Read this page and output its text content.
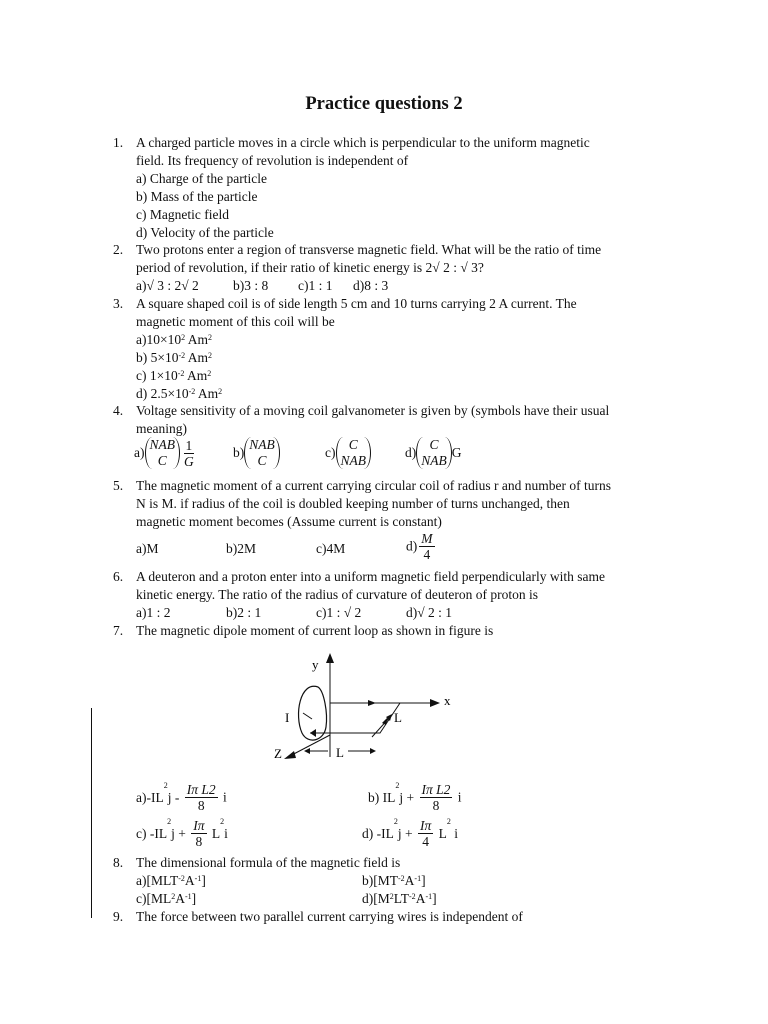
Practice questions 2
1. A charged particle moves in a circle which is perpendicular to the uniform magnetic
field. Its frequency of revolution is independent of
a) Charge of the particle
b) Mass of the particle
c) Magnetic field
d) Velocity of the particle
2. Two protons enter a region of transverse magnetic field. What will be the ratio of time
period of revolution, if their ratio of kinetic energy is 2√ 2 : √ 3?
a)√ 3 : 2√ 2	b)3 : 8 c)1 : 1 d)8 : 3
3. A square shaped coil is of side length 5 cm and 10 turns carrying 2 A current. The
magnetic moment of this coil will be
$a)10\times 10^2$ Am$^2$
b) $5\times 10^{-2}$ Am$^2$
c) $1\times 10^{-2}$ Am$^2$
d) $2.5\times 10^{-2}$ Am$^2$
4. Voltage sensitivity of a moving coil galvanometer is given by (symbols have their usual
meaning)
a)
NAB
C $\frac{1}{G}$	b)
NAB
C
c)
C
NAB
d)
C
NAB
G
5. The magnetic moment of a current carrying circular coil of radius r and number of turns
N is M. if radius of the coil is doubled keeping number of turns unchanged, then
magnetic moment becomes (Assume current is constant)
a)M	b)2M	c)4M	$d) \frac{M}{4}$
6. A deuteron and a proton enter into a uniform magnetic field perpendicularly with same
kinetic energy. The ratio of the radius of curvature of deuteron of proton is
a)1 : 2	b)2 : 1	c)1 : √ 2	d)√ 2 : 1
7. The magnetic dipole moment of current loop as shown in figure is
y
x
Z
I	L
L
$a)-IL^2j - \frac{\text{Iπ L2}}{8}$ i	b) $IL^2j + \frac{\text{Iπ L2}}{8}$ i
c) $-IL^2j + \frac{I\pi}{8} L^2i$	d) $-IL^2j + \frac{I\pi}{4} L^2$ i
8. The dimensional formula of the magnetic field is
$a)[MLT^{-2}A^{-1}]$	$b)[MT^{-2}A^{-1}]$
$c)[ML^2A^{-1}]$	$d)[M^2LT^{-2}A^{-1}]$
9. The force between two parallel current carrying wires is independent of
